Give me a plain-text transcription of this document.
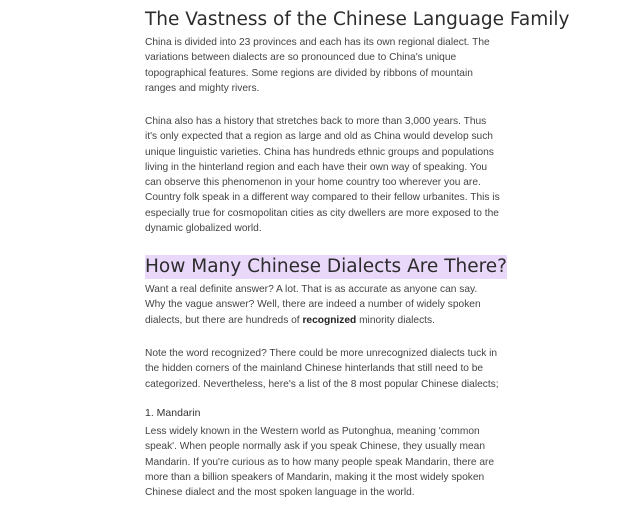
The Vastness of the Chinese Language Family

China is divided into 23 provinces and each has its own regional dialect. The variations between dialects are so pronounced due to China's unique topographical features. Some regions are divided by ribbons of mountain ranges and mighty rivers.

China also has a history that stretches back to more than 3,000 years. Thus it's only expected that a region as large and old as China would develop such unique linguistic varieties. China has hundreds ethnic groups and populations living in the hinterland region and each have their own way of speaking. You can observe this phenomenon in your home country too wherever you are. Country folk speak in a different way compared to their fellow urbanites. This is especially true for cosmopolitan cities as city dwellers are more exposed to the dynamic globalized world.

How Many Chinese Dialects Are There?

Want a real definite answer? A lot. That is as accurate as anyone can say. Why the vague answer? Well, there are indeed a number of widely spoken dialects, but there are hundreds of recognized minority dialects.

Note the word recognized? There could be more unrecognized dialects tuck in the hidden corners of the mainland Chinese hinterlands that still need to be categorized. Nevertheless, here's a list of the 8 most popular Chinese dialects;

1. Mandarin

Less widely known in the Western world as Putonghua, meaning 'common speak'. When people normally ask if you speak Chinese, they usually mean Mandarin. If you're curious as to how many people speak Mandarin, there are more than a billion speakers of Mandarin, making it the most widely spoken Chinese dialect and the most spoken language in the world.
